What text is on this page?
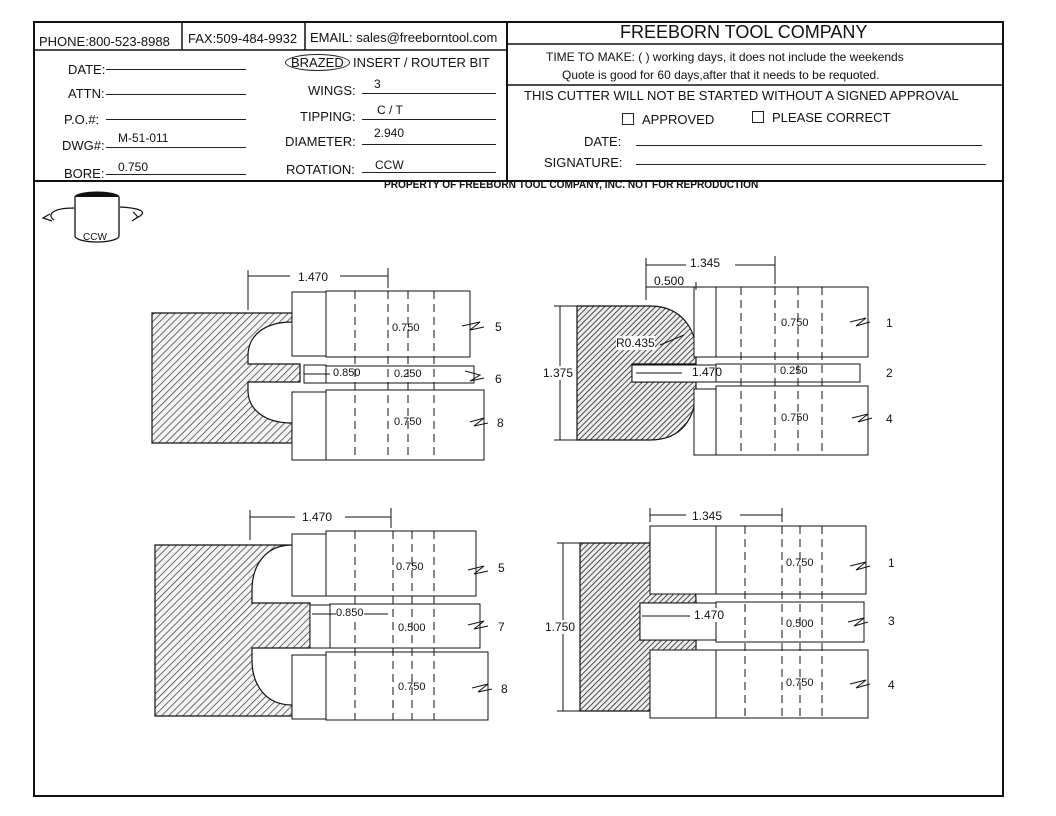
PHONE:800-523-8988 FAX:509-484-9932 EMAIL: sales@freeborntool.com	FREEBORN TOOL COMPANY
DATE:
ATTN:
P.O.#:
DWG#: M-51-011
BORE: 0.750
BRAZED INSERT / ROUTER BIT
WINGS: 3
TIPPING: C / T
DIAMETER:
2.940
ROTATION: CCW
TIME TO MAKE: ( ) working days, it does not include the weekends
Quote is good for 60 days,after that it needs to be requoted.
THIS CUTTER WILL NOT BE STARTED WITHOUT A SIGNED APPROVAL
APPROVED	PLEASE CORRECT
DATE:
SIGNATURE:
PROPERTY OF FREEBORN TOOL COMPANY, INC. NOT FOR REPRODUCTION
CCW
1.470
0.850
0.750
0.250
0.750
5
6
8
1.345
0.500
R0.435
1.375	1.470
0.750
0.250
0.750
1
2
4
1.470
0.850
0.750
0.500
0.750
5
7
8
1.345
1.750
1.470
0.750
0.500
0.750
1
3
4
